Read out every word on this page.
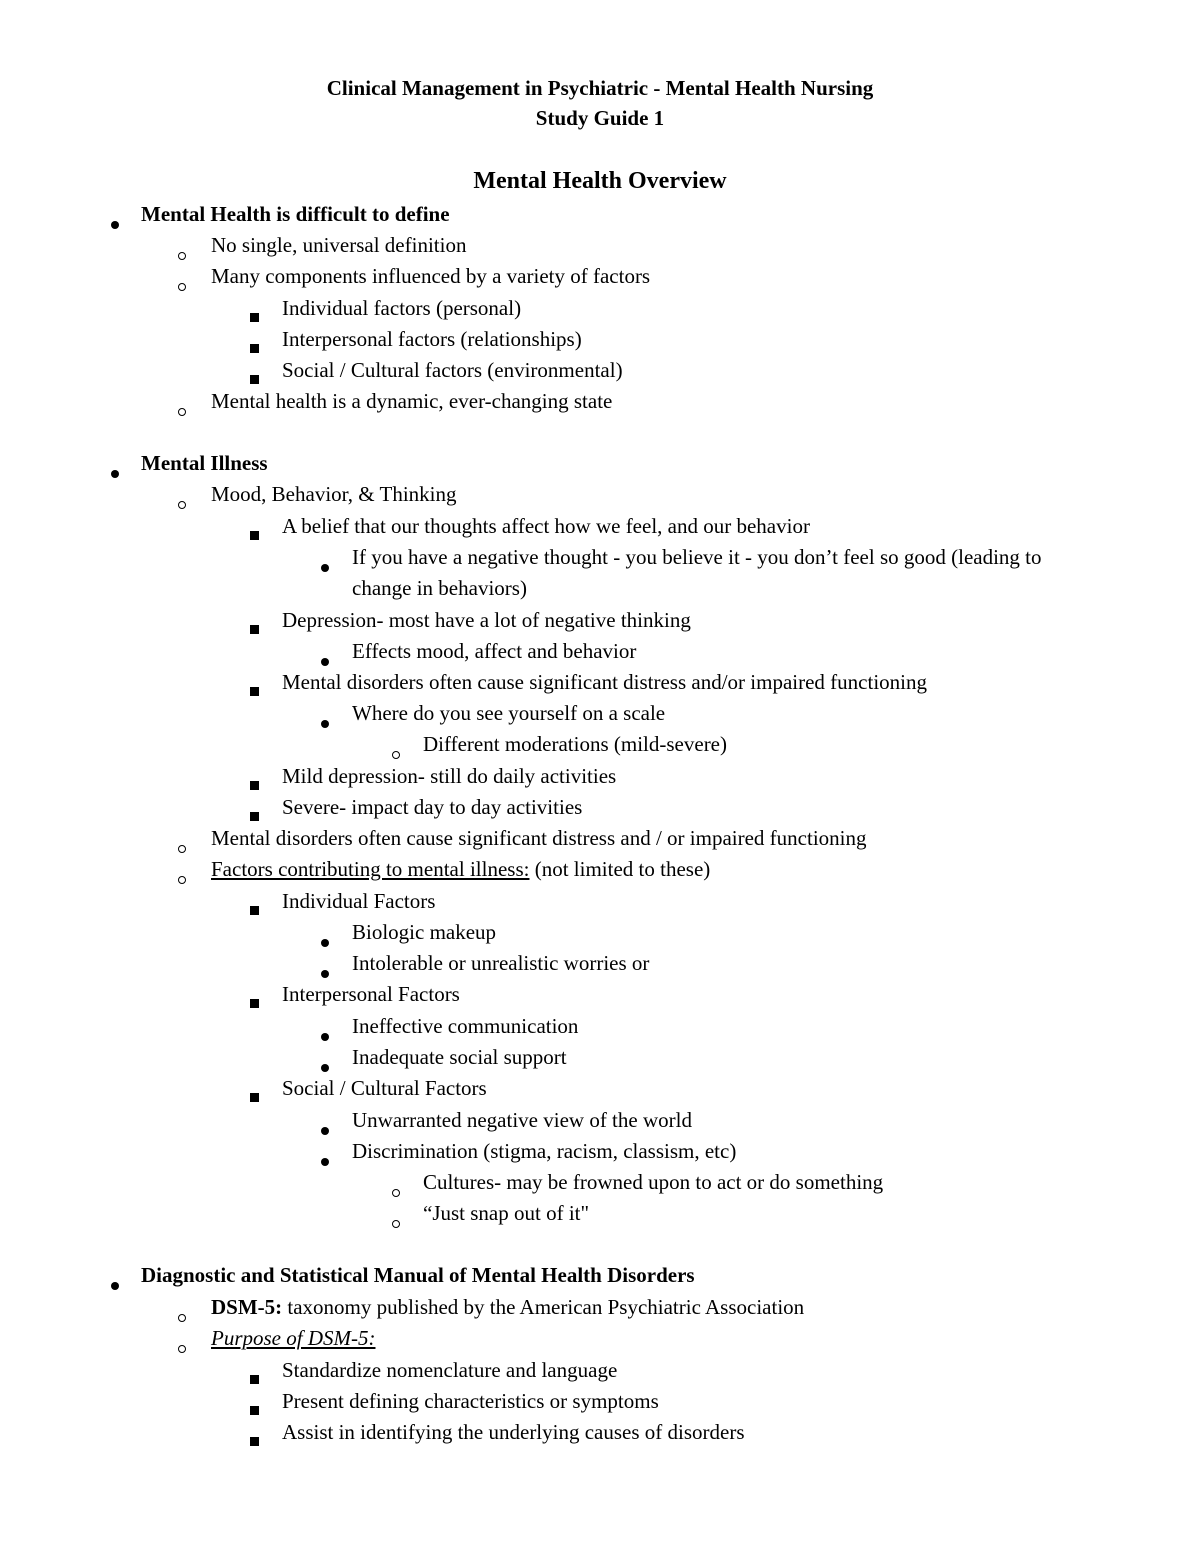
Clinical Management in Psychiatric - Mental Health Nursing
Study Guide 1
Mental Health Overview
Mental Health is difficult to define
No single, universal definition
Many components influenced by a variety of factors
Individual factors (personal)
Interpersonal factors (relationships)
Social / Cultural factors (environmental)
Mental health is a dynamic, ever-changing state
Mental Illness
Mood, Behavior, & Thinking
A belief that our thoughts affect how we feel, and our behavior
If you have a negative thought - you believe it - you don’t feel so good (leading to
change in behaviors)
Depression- most have a lot of negative thinking
Effects mood, affect and behavior
Mental disorders often cause significant distress and/or impaired functioning
Where do you see yourself on a scale
Different moderations (mild-severe)
Mild depression- still do daily activities
Severe- impact day to day activities
Mental disorders often cause significant distress and / or impaired functioning
Factors contributing to mental illness: (not limited to these)
Individual Factors
Biologic makeup
Intolerable or unrealistic worries or
Interpersonal Factors
Ineffective communication
Inadequate social support
Social / Cultural Factors
Unwarranted negative view of the world
Discrimination (stigma, racism, classism, etc)
Cultures- may be frowned upon to act or do something
“Just snap out of it"
Diagnostic and Statistical Manual of Mental Health Disorders
DSM-5: taxonomy published by the American Psychiatric Association
Purpose of DSM-5:
Standardize nomenclature and language
Present defining characteristics or symptoms
Assist in identifying the underlying causes of disorders
